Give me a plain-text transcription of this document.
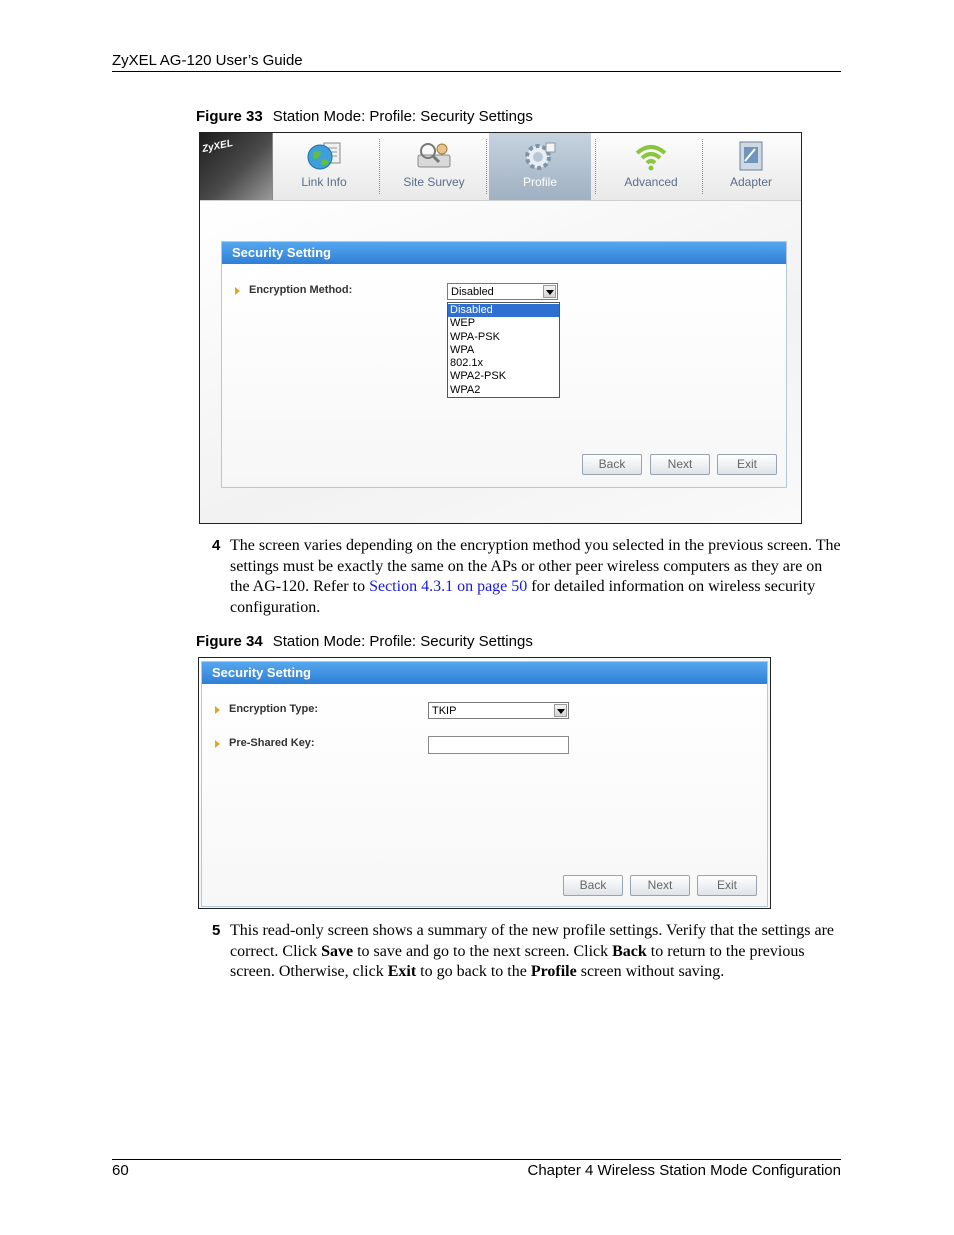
ZyXEL AG-120 User’s Guide
Figure 33 Station Mode: Profile: Security Settings
ZyXEL
Link Info	Site Survey	Profile	Advanced	Adapter
Security Setting
Encryption Method:	Disabled
Disabled
WEP
WPA-PSK
WPA
802.1x
WPA2-PSK
WPA2
Back	Next	Exit
4 The screen varies depending on the encryption method you selected in the previous screen. The settings must be exactly the same on the APs or other peer wireless computers as they are on the AG-120. Refer to Section 4.3.1 on page 50 for detailed information on wireless security configuration.
Figure 34 Station Mode: Profile: Security Settings
Security Setting
Encryption Type:	TKIP
Pre-Shared Key:
Back	Next	Exit
5 This read-only screen shows a summary of the new profile settings. Verify that the settings are correct. Click Save to save and go to the next screen. Click Back to return to the previous screen. Otherwise, click Exit to go back to the Profile screen without saving.
60	Chapter 4 Wireless Station Mode Configuration
